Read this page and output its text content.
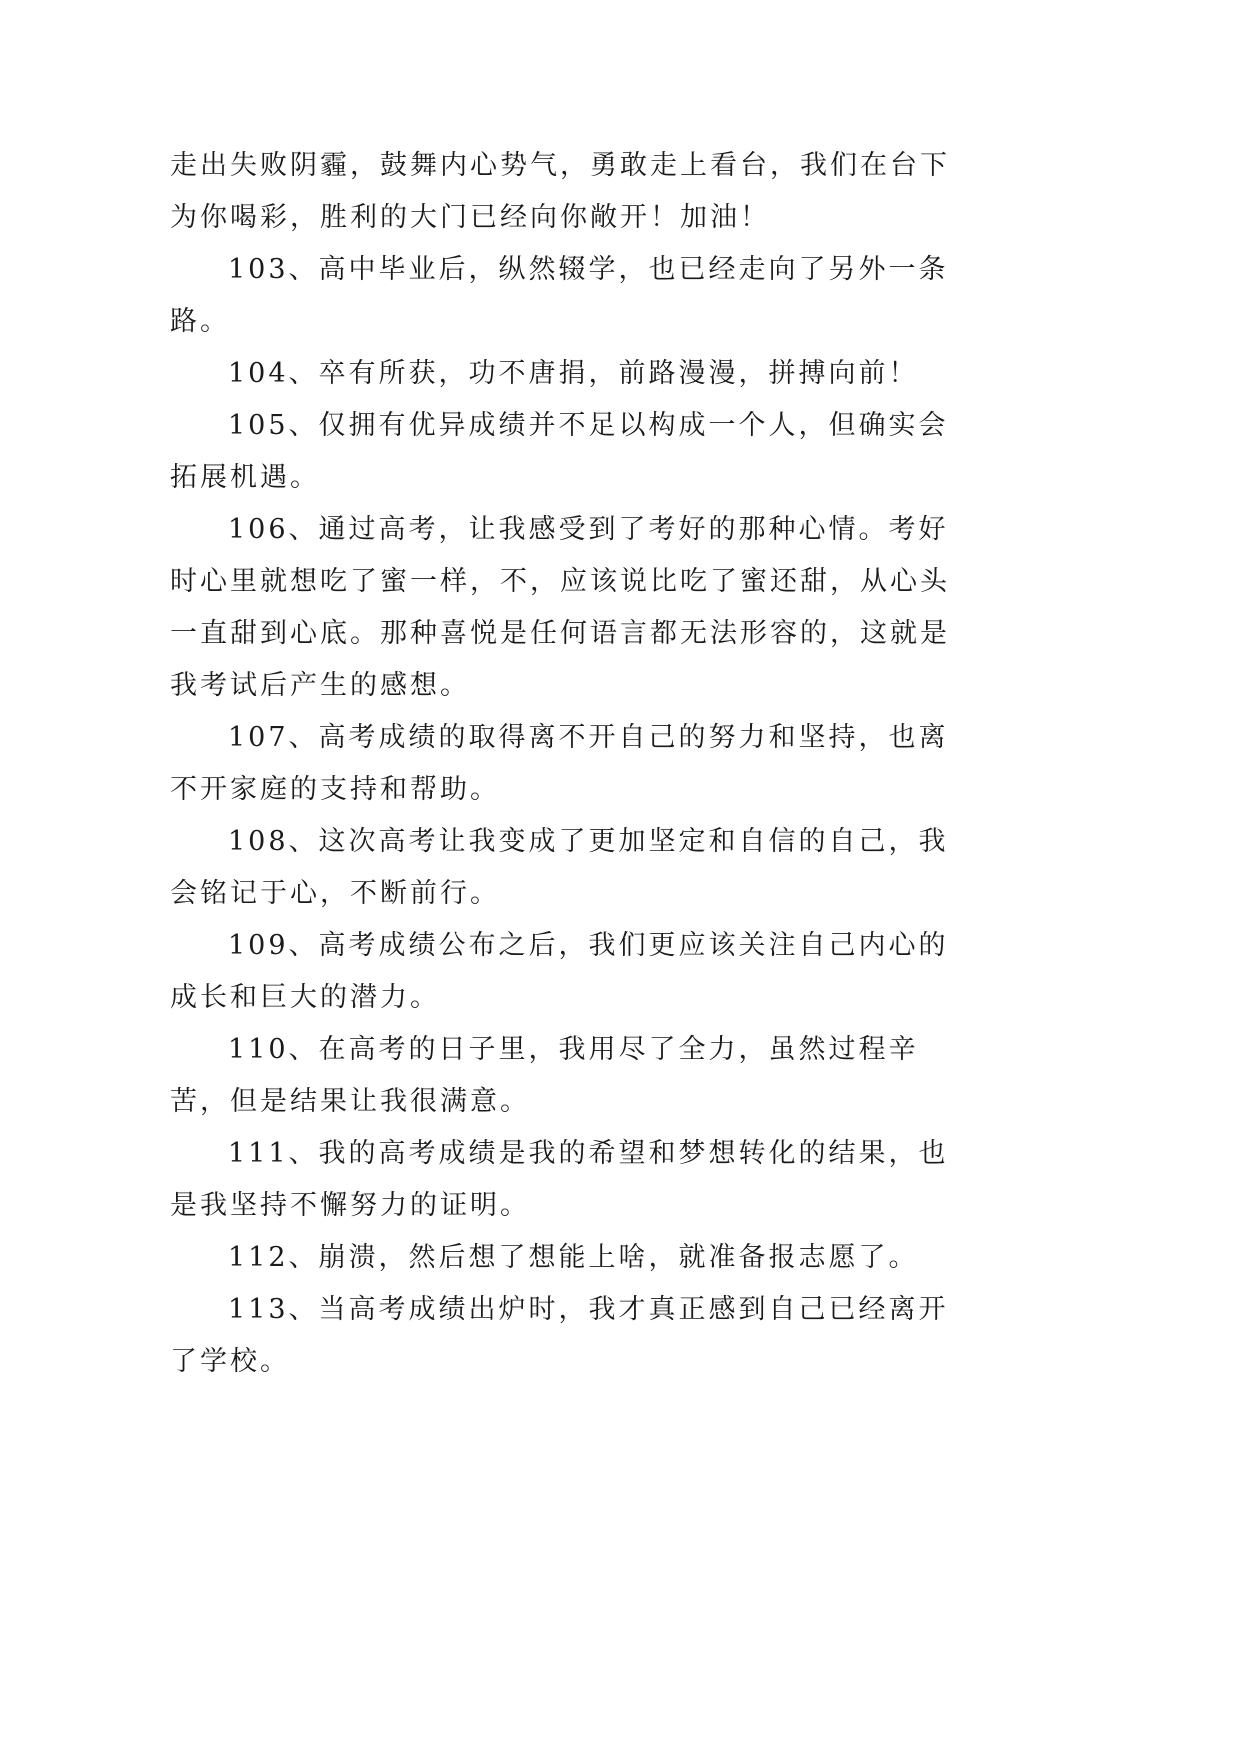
走出失败阴霾，鼓舞内心势气，勇敢走上看台，我们在台下为你喝彩，胜利的大门已经向你敞开！加油！

103、高中毕业后，纵然辍学，也已经走向了另外一条路。

104、卒有所获，功不唐捐，前路漫漫，拼搏向前！

105、仅拥有优异成绩并不足以构成一个人，但确实会拓展机遇。

106、通过高考，让我感受到了考好的那种心情。考好时心里就想吃了蜜一样，不，应该说比吃了蜜还甜，从心头一直甜到心底。那种喜悦是任何语言都无法形容的，这就是我考试后产生的感想。

107、高考成绩的取得离不开自己的努力和坚持，也离不开家庭的支持和帮助。

108、这次高考让我变成了更加坚定和自信的自己，我会铭记于心，不断前行。

109、高考成绩公布之后，我们更应该关注自己内心的成长和巨大的潜力。

110、在高考的日子里，我用尽了全力，虽然过程辛苦，但是结果让我很满意。

111、我的高考成绩是我的希望和梦想转化的结果，也是我坚持不懈努力的证明。

112、崩溃，然后想了想能上啥，就准备报志愿了。

113、当高考成绩出炉时，我才真正感到自己已经离开了学校。
